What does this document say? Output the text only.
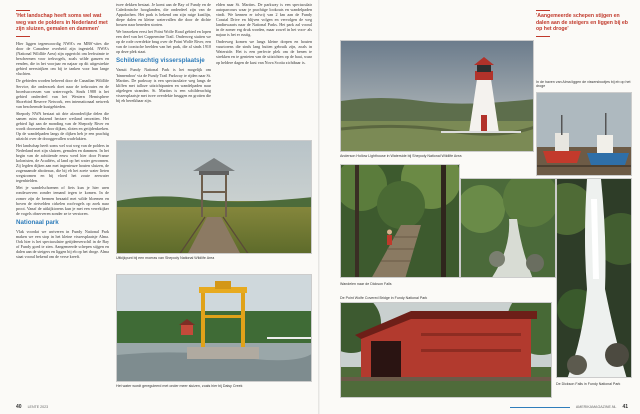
'Het landschap heeft soms wel wat weg van de polders in Nederland met zijn sluizen, gemalen en dammen'

Hier liggen tegenwoordig NWA's en MBS'-sites die door de Canadese overheid zijn ingesteld. NWA's (National Wildlife Area) zijn opgericht om leefruimte te beschermen voor trekvogels, zoals wilde ganzen en eenden, die in het voorjaar en najaar op dit uitgestrekte gebied neerstrijken om bij te tanken voor hun lange vluchten.

De gebieden worden beheerd door de Canadian Wildlife Service, die onderzoek doet naar de trekroutes en de broedsuccessen van watervogels. Sinds 1988 is het gebied onderdeel van het Western Hemisphere Shorebird Reserve Network, een internationaal netwerk van beschermde kustgebieden.

Shepody NWA bestaat uit drie afzonderlijke delen die samen ruim duizend hectare wetland omvatten. Het gebied ligt aan de monding van de Shepody River en wordt doorsneden door dijken, sloten en getijdenkreken. Op de wandelpaden langs de dijken heb je een prachtig uitzicht over de drooggevallen wadvlakten.

Het landschap heeft soms wel wat weg van de polders in Nederland met zijn sluizen, gemalen en dammen. In het begin van de achttiende eeuw werd hier door Franse kolonisten, de Acadiërs, al land op het water gewonnen. Zij legden dijken aan met ingenieuze houten sluizen, de zogenaamde aboiteaux, die bij eb het zoete water lieten wegstromen en bij vloed het zoute zeewater tegenhielden.

Met je wandelschoenen of fiets kun je hier uren rondzwerven zonder iemand tegen te komen. In de zomer zijn de bermen bezaaid met wilde bloemen en boven de rietvelden cirkelen roofvogels op zoek naar prooi. Vanaf de uitkijktorens kun je met een verrekijker de vogels observeren zonder ze te verstoren.

Nationaal park

Vlak voordat we arriveren in Fundy National Park maken we een stop in het kleine vissersplaatsje Alma. Ook hier is het spectaculaire getijdenverschil in de Bay of Fundy goed te zien. Aangemeerde schepen stijgen en dalen aan de steigers en liggen bij eb op het droge. Alma staat vooral bekend om de verse kreeft.

twee dekken bestaat. Je komt aan de Bay of Fundy en de Caledonische hooglanden, die onderdeel zijn van de Appalachen. Het park is bekend om zijn ruige kustlijn, diepe dalen en kleine watervallen die door de dichte bossen naar beneden storten.

We bezoeken eerst het Point Wolfe Road gebied en lopen een deel van het Coppermine Trail. Onderweg stuiten we op de rode overdekte brug over de Point Wolfe River, een van de iconische beelden van het park, die al sinds 1910 op deze plek staat.

Schilderachtig vissersplaatsje

Vanuit Fundy National Park is het mogelijk om 'binnendoor' via de Fundy Trail Parkway te rijden naar St. Martins. De parkway is een spectaculaire weg langs de kliffen met talloze uitzichtpunten en wandelpaden naar afgelegen stranden. St. Martins is een schilderachtig vissersplaatsje met twee overdekte bruggen en grotten die bij eb bereikbaar zijn.

elden naar St. Martins. De parkway is een spectaculair autoparcours waar je prachtige lookouts en wandelpaden vindt. We kennen er tolvrij van 2 km aan de Fundy Coastal Drive en blijven volgen en vervolgen de weg landinwaarts naar de National Parks. Het park zal vooral in de zomer erg druk worden, maar zowel in het voor- als najaar is het er rustig.

Onderweg komen we langs kleine dorpen en houten vuurtorens die sinds lang buiten gebruik zijn, zoals in Waterside. Het is een perfecte plek om de benen te strekken en te genieten van de uitzichten op de baai, waar op heldere dagen de kust van Nova Scotia zichtbaar is.

Uitkijkpunt bij een moeras van Shepody National Wildlife Area
Het water wordt gereguleerd met onder meer sluizen, zoals hier bij Daisy Creek
40 LENTE 2023
Anderson Hollow Lighthouse in Waterside bij Shepody National Wildlife Area
'Aangemeerde schepen stijgen en dalen aan de steigers en liggen bij eb op het droge'
In de haven van Alma liggen de vissersbootjes bij eb op het droge
Wandelen naar de Dickson Falls
De Dickson Falls in Fundy National Park
De Point Wolfe Covered Bridge in Fundy National Park
AMERIKAMAGAZINE.NL 41
